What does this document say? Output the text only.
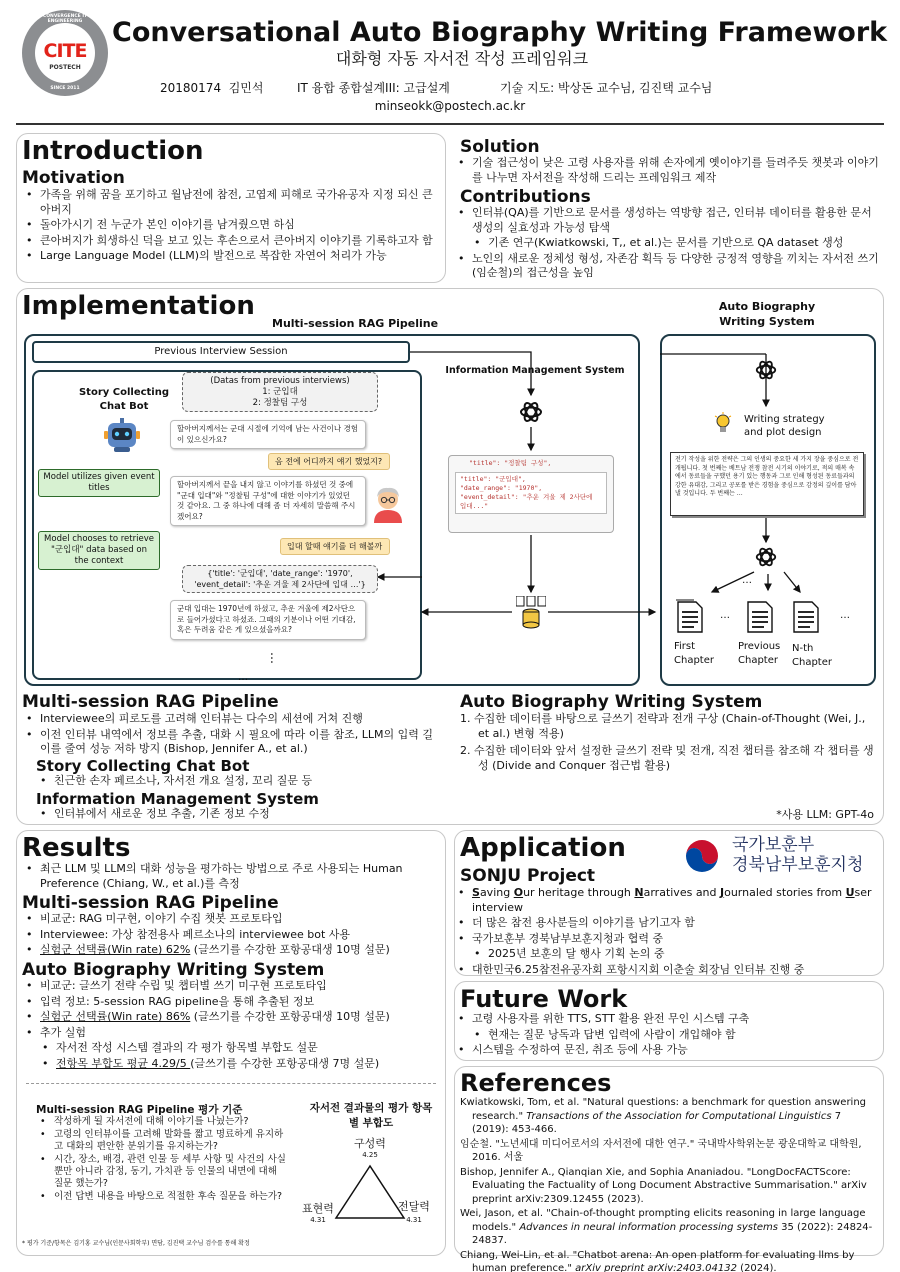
CITE
POSTECH
CONVERGENCE IT ENGINEERING
SINCE 2011
Conversational Auto Biography Writing Framework
대화형 자동 자서전 작성 프레임워크
20180174  김민석	IT 융합 종합설계III: 고급설계	기술 지도: 박상돈 교수님, 김진택 교수님
minseokk@postech.ac.kr
Introduction
Motivation
• 가족을 위해 꿈을 포기하고 월남전에 참전, 고엽제 피해로 국가유공자 지정 되신 큰아버지
• 돌아가시기 전 누군가 본인 이야기를 남겨줬으면 하심
• 큰아버지가 희생하신 덕을 보고 있는 후손으로서 큰아버지 이야기를 기록하고자 함
• Large Language Model (LLM)의 발전으로 복잡한 자연어 처리가 가능
Solution
• 기술 접근성이 낮은 고령 사용자를 위해 손자에게 옛이야기를 들려주듯 챗봇과 이야기를 나누면 자서전을 작성해 드리는 프레임워크 제작
Contributions
• 인터뷰(QA)를 기반으로 문서를 생성하는 역방향 접근, 인터뷰 데이터를 활용한 문서 생성의 실효성과 가능성 탐색
• 기존 연구(Kwiatkowski, T,, et al.)는 문서를 기반으로 QA dataset 생성
• 노인의 새로운 정체성 형성, 자존감 획득 등 다양한 긍정적 영향을 끼치는 자서전 쓰기(임순철)의 접근성을 높임
Implementation
Multi-session RAG Pipeline
Auto Biography Writing System
Previous Interview Session
Story Collecting Chat Bot
(Datas from previous interviews)
1: 군입대
2: 정찰팀 구성
할아버지께서는 군대 시절에 기억에 남는 사건이나 경험이 있으신가요?
음 전에 어디까지 얘기 했었지?
Model utilizes given event titles	할아버지께서 끝을 내지 않고 이야기를 하셨던 것 중에 "군대 입대"와 "정찰팀 구성"에 대한 이야기가 있었던 것 같아요. 그 중 하나에 대해 좀 더 자세히 말씀해 주시겠어요?
Model chooses to retrieve "군입대" data based on the context
입대 할때 얘기를 더 해볼까
{'title': '군입대', 'date_range': '1970',
'event_detail': '추운 겨울 제 2사단에 입대 …'}
군대 입대는 1970년에 하셨고, 추운 겨울에 제2사단으로 들어가셨다고 하셨죠. 그때의 기분이나 어떤 기대감, 혹은 두려움 같은 게 있으셨을까요?
…
…
Information Management System
"title": "정찰팀 구성",
"title": "군입대",
"date_range": "1970",
"event_detail": "추운 겨울 제 2사단에 입대..."
Writing strategy and plot design
전기 작성을 위한 전략은 그의 인생의 중요한 세 가지 장을 중심으로 전개됩니다. 첫 번째는 베트남 전쟁 참전 시기의 이야기로, 적의 매복 속에서 동료들을 구했던 용기 있는 행동과 그로 인해 형성된 동료들과의 강한 유대감, 그리고 공포를 받은 경험을 중심으로 감정의 깊이를 담아낼 것입니다. 두 번째는 …
…
…	…
First Chapter
Previous Chapter
N-th Chapter
Multi-session RAG Pipeline
• Interviewee의 피로도를 고려해 인터뷰는 다수의 세션에 거쳐 진행
• 이전 인터뷰 내역에서 정보를 추출, 대화 시 필요에 따라 이를 참조, LLM의 입력 길이를 줄여 성능 저하 방지 (Bishop, Jennifer A., et al.)
Story Collecting Chat Bot
• 친근한 손자 페르소나, 자서전 개요 설정, 꼬리 질문 등
Information Management System
• 인터뷰에서 새로운 정보 추출, 기존 정보 수정
Auto Biography Writing System
1. 수집한 데이터를 바탕으로 글쓰기 전략과 전개 구상 (Chain-of-Thought (Wei, J., et al.) 변형 적용)
2. 수집한 데이터와 앞서 설정한 글쓰기 전략 및 전개, 직전 챕터를 참조해 각 챕터를 생성 (Divide and Conquer 접근법 활용)
*사용 LLM: GPT-4o
Results
• 최근 LLM 및 LLM의 대화 성능을 평가하는 방법으로 주로 사용되는 Human Preference (Chiang, W., et al.)를 측정
Multi-session RAG Pipeline
• 비교군: RAG 미구현, 이야기 수집 챗봇 프로토타입
• Interviewee: 가상 참전용사 페르소나의 interviewee bot 사용
• 실험군 선택률(Win rate) 62% (글쓰기를 수강한 포항공대생 10명 설문)
Auto Biography Writing System
• 비교군: 글쓰기 전략 수립 및 챕터별 쓰기 미구현 프로토타입
• 입력 정보: 5-session RAG pipeline을 통해 추출된 정보
• 실험군 선택률(Win rate) 86% (글쓰기를 수강한 포항공대생 10명 설문)
• 추가 실험
• 자서전 작성 시스템 결과의 각 평가 항목별 부합도 설문
• 전항목 부합도 평균 4.29/5 (글쓰기를 수강한 포항공대생 7명 설문)
Multi-session RAG Pipeline 평가 기준
• 작성하게 될 자서전에 대해 이야기를 나눴는가?
• 고령의 인터뷰이를 고려해 발화를 짧고 명료하게 유지하고 대화의 편안한 분위기를 유지하는가?
• 시간, 장소, 배경, 관련 인물 등 세부 사항 및 사건의 사실 뿐만 아니라 감정, 동기, 가치관 등 인물의 내면에 대해 질문 했는가?
• 이전 답변 내용을 바탕으로 적절한 후속 질문을 하는가?
* 평가 기준/항목은 김기홍 교수님(인문사회학부) 면담, 김진택 교수님 검수를 통해 확정
자서전 결과물의 평가 항목별 부합도
구성력
4.25
표현력
4.31
전달력
4.31
Application	국가보훈부
경북남부보훈지청
SONJU Project
• Saving Our heritage through Narratives and Journaled stories from User interview
• 더 많은 참전 용사분들의 이야기를 남기고자 함
• 국가보훈부 경북남부보훈지청과 협력 중
• 2025년 보훈의 달 행사 기획 논의 중
• 대한민국6.25참전유공자회 포항시지회 이춘술 회장님 인터뷰 진행 중
Future Work
• 고령 사용자를 위한 TTS, STT 활용 완전 무인 시스템 구축
• 현재는 질문 낭독과 답변 입력에 사람이 개입해야 함
• 시스템을 수정하여 문진, 취조 등에 사용 가능
References
Kwiatkowski, Tom, et al. "Natural questions: a benchmark for question answering research." Transactions of the Association for Computational Linguistics 7 (2019): 453-466.
임순철. "노년세대 미디어로서의 자서전에 대한 연구." 국내박사학위논문 광운대학교 대학원, 2016. 서울
Bishop, Jennifer A., Qianqian Xie, and Sophia Ananiadou. "LongDocFACTScore: Evaluating the Factuality of Long Document Abstractive Summarisation." arXiv preprint arXiv:2309.12455 (2023).
Wei, Jason, et al. "Chain-of-thought prompting elicits reasoning in large language models." Advances in neural information processing systems 35 (2022): 24824-24837.
Chiang, Wei-Lin, et al. "Chatbot arena: An open platform for evaluating llms by human preference." arXiv preprint arXiv:2403.04132 (2024).
